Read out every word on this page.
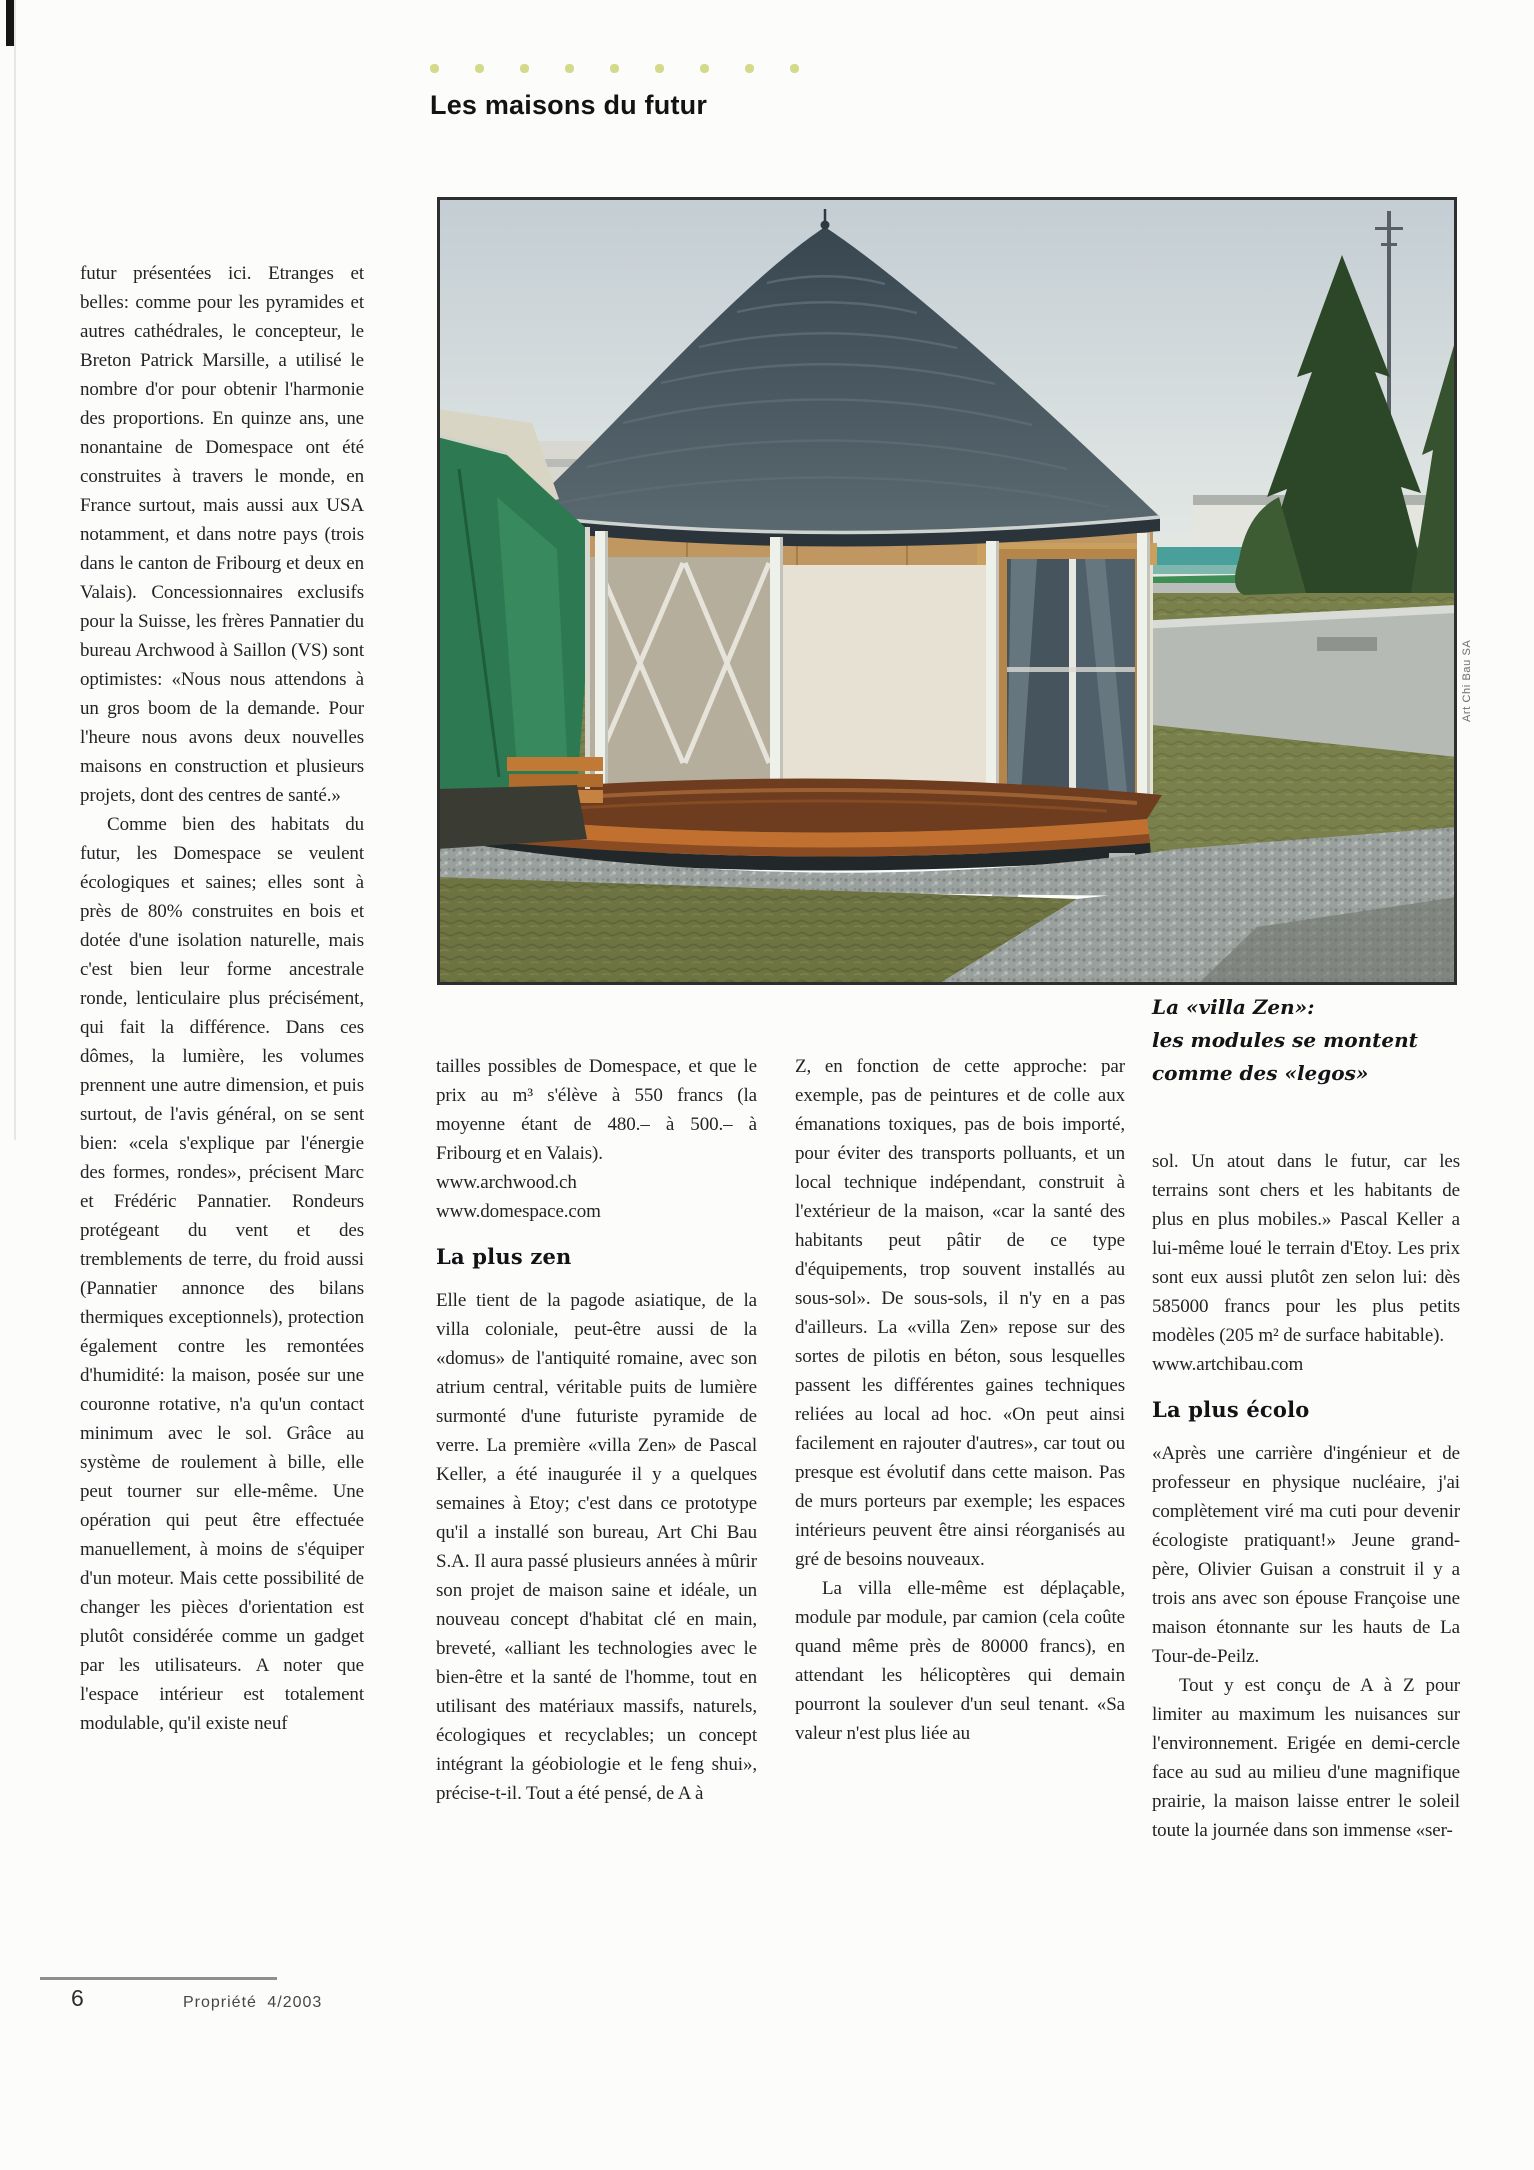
Les maisons du futur
Art Chi Bau SA
La «villa Zen»:
les modules se montent
comme des «legos»

futur présentées ici. Etranges et belles: comme pour les pyramides et autres cathédrales, le concepteur, le Breton Patrick Marsille, a utilisé le nombre d'or pour obtenir l'harmonie des proportions. En quinze ans, une nonantaine de Domespace ont été construites à travers le monde, en France surtout, mais aussi aux USA notamment, et dans notre pays (trois dans le canton de Fribourg et deux en Valais). Concessionnaires exclusifs pour la Suisse, les frères Pannatier du bureau Archwood à Saillon (VS) sont optimistes: «Nous nous attendons à un gros boom de la demande. Pour l'heure nous avons deux nouvelles maisons en construction et plusieurs projets, dont des centres de santé.»

Comme bien des habitats du futur, les Domespace se veulent écologiques et saines; elles sont à près de 80% construites en bois et dotée d'une isolation naturelle, mais c'est bien leur forme ancestrale ronde, lenticulaire plus précisément, qui fait la différence. Dans ces dômes, la lumière, les volumes prennent une autre dimension, et puis surtout, de l'avis général, on se sent bien: «cela s'explique par l'énergie des formes, rondes», précisent Marc et Frédéric Pannatier. Rondeurs protégeant du vent et des tremblements de terre, du froid aussi (Pannatier annonce des bilans thermiques exceptionnels), protection également contre les remontées d'humidité: la maison, posée sur une couronne rotative, n'a qu'un contact minimum avec le sol. Grâce au système de roulement à bille, elle peut tourner sur elle-même. Une opération qui peut être effectuée manuellement, à moins de s'équiper d'un moteur. Mais cette possibilité de changer les pièces d'orientation est plutôt considérée comme un gadget par les utilisateurs. A noter que l'espace intérieur est totalement modulable, qu'il existe neuf

tailles possibles de Domespace, et que le prix au m³ s'élève à 550 francs (la moyenne étant de 480.– à 500.– à Fribourg et en Valais).

www.archwood.ch
www.domespace.com
La plus zen

Elle tient de la pagode asiatique, de la villa coloniale, peut-être aussi de la «domus» de l'antiquité romaine, avec son atrium central, véritable puits de lumière surmonté d'une futuriste pyramide de verre. La première «villa Zen» de Pascal Keller, a été inaugurée il y a quelques semaines à Etoy; c'est dans ce prototype qu'il a installé son bureau, Art Chi Bau S.A. Il aura passé plusieurs années à mûrir son projet de maison saine et idéale, un nouveau concept d'habitat clé en main, breveté, «alliant les technologies avec le bien-être et la santé de l'homme, tout en utilisant des matériaux massifs, naturels, écologiques et recyclables; un concept intégrant la géobiologie et le feng shui», précise-t-il. Tout a été pensé, de A à

Z, en fonction de cette approche: par exemple, pas de peintures et de colle aux émanations toxiques, pas de bois importé, pour éviter des transports polluants, et un local technique indépendant, construit à l'extérieur de la maison, «car la santé des habitants peut pâtir de ce type d'équipements, trop souvent installés au sous-sol». De sous-sols, il n'y en a pas d'ailleurs. La «villa Zen» repose sur des sortes de pilotis en béton, sous lesquelles passent les différentes gaines techniques reliées au local ad hoc. «On peut ainsi facilement en rajouter d'autres», car tout ou presque est évolutif dans cette maison. Pas de murs porteurs par exemple; les espaces intérieurs peuvent être ainsi réorganisés au gré de besoins nouveaux.

La villa elle-même est déplaçable, module par module, par camion (cela coûte quand même près de 80000 francs), en attendant les hélicoptères qui demain pourront la soulever d'un seul tenant. «Sa valeur n'est plus liée au

sol. Un atout dans le futur, car les terrains sont chers et les habitants de plus en plus mobiles.» Pascal Keller a lui-même loué le terrain d'Etoy. Les prix sont eux aussi plutôt zen selon lui: dès 585000 francs pour les plus petits modèles (205 m² de surface habitable).

www.artchibau.com
La plus écolo

«Après une carrière d'ingénieur et de professeur en physique nucléaire, j'ai complètement viré ma cuti pour devenir écologiste pratiquant!» Jeune grand-père, Olivier Guisan a construit il y a trois ans avec son épouse Françoise une maison étonnante sur les hauts de La Tour-de-Peilz.

Tout y est conçu de A à Z pour limiter au maximum les nuisances sur l'environnement. Erigée en demi-cercle face au sud au milieu d'une magnifique prairie, la maison laisse entrer le soleil toute la journée dans son immense «ser-

6	Propriété 4/2003
